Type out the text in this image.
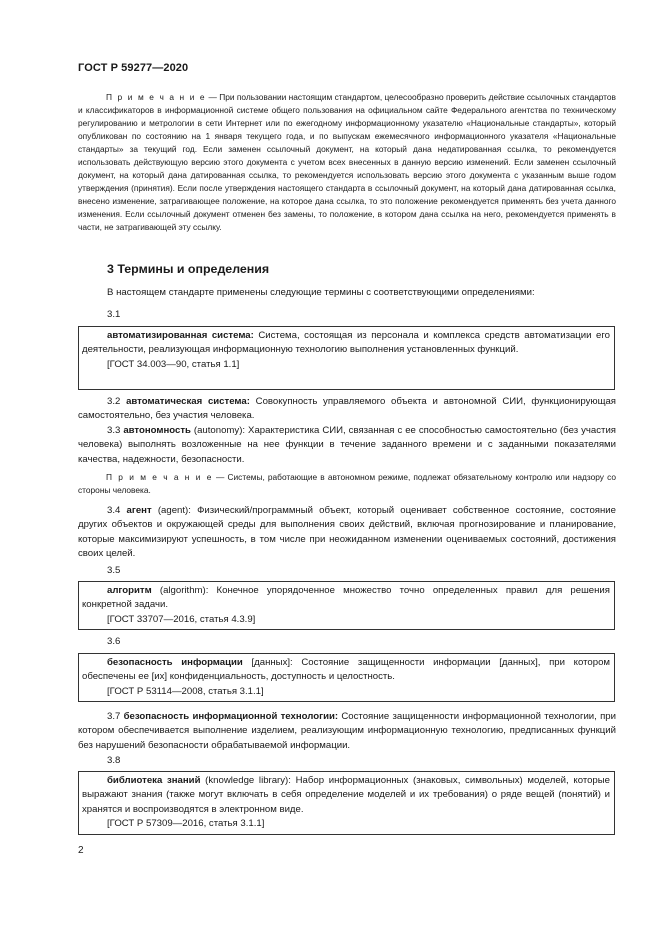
ГОСТ Р 59277—2020
П р и м е ч а н и е — При пользовании настоящим стандартом, целесообразно проверить действие ссылочных стандартов и классификаторов в информационной системе общего пользования на официальном сайте Федерального агентства по техническому регулированию и метрологии в сети Интернет или по ежегодному информационному указателю «Национальные стандарты», который опубликован по состоянию на 1 января текущего года, и по выпускам ежемесячного информационного указателя «Национальные стандарты» за текущий год. Если заменен ссылочный документ, на который дана недатированная ссылка, то рекомендуется использовать действующую версию этого документа с учетом всех внесенных в данную версию изменений. Если заменен ссылочный документ, на который дана датированная ссылка, то рекомендуется использовать версию этого документа с указанным выше годом утверждения (принятия). Если после утверждения настоящего стандарта в ссылочный документ, на который дана датированная ссылка, внесено изменение, затрагивающее положение, на которое дана ссылка, то это положение рекомендуется применять без учета данного изменения. Если ссылочный документ отменен без замены, то положение, в котором дана ссылка на него, рекомендуется применять в части, не затрагивающей эту ссылку.
3 Термины и определения
В настоящем стандарте применены следующие термины с соответствующими определениями:
3.1
автоматизированная система: Система, состоящая из персонала и комплекса средств автоматизации его деятельности, реализующая информационную технологию выполнения установленных функций.
[ГОСТ 34.003—90, статья 1.1]
3.2 автоматическая система: Совокупность управляемого объекта и автономной СИИ, функционирующая самостоятельно, без участия человека.
3.3 автономность (autonomy): Характеристика СИИ, связанная с ее способностью самостоятельно (без участия человека) выполнять возложенные на нее функции в течение заданного времени и с заданными показателями качества, надежности, безопасности.
П р и м е ч а н и е — Системы, работающие в автономном режиме, подлежат обязательному контролю или надзору со стороны человека.
3.4 агент (agent): Физический/программный объект, который оценивает собственное состояние, состояние других объектов и окружающей среды для выполнения своих действий, включая прогнозирование и планирование, которые максимизируют успешность, в том числе при неожиданном изменении оцениваемых состояний, достижения своих целей.
3.5
алгоритм (algorithm): Конечное упорядоченное множество точно определенных правил для решения конкретной задачи.
[ГОСТ 33707—2016, статья 4.3.9]
3.6
безопасность информации [данных]: Состояние защищенности информации [данных], при котором обеспечены ее [их] конфиденциальность, доступность и целостность.
[ГОСТ Р 53114—2008, статья 3.1.1]
3.7 безопасность информационной технологии: Состояние защищенности информационной технологии, при котором обеспечивается выполнение изделием, реализующим информационную технологию, предписанных функций без нарушений безопасности обрабатываемой информации.
3.8
библиотека знаний (knowledge library): Набор информационных (знаковых, символьных) моделей, которые выражают знания (также могут включать в себя определение моделей и их требования) о ряде вещей (понятий) и хранятся и воспроизводятся в электронном виде.
[ГОСТ Р 57309—2016, статья 3.1.1]
2
